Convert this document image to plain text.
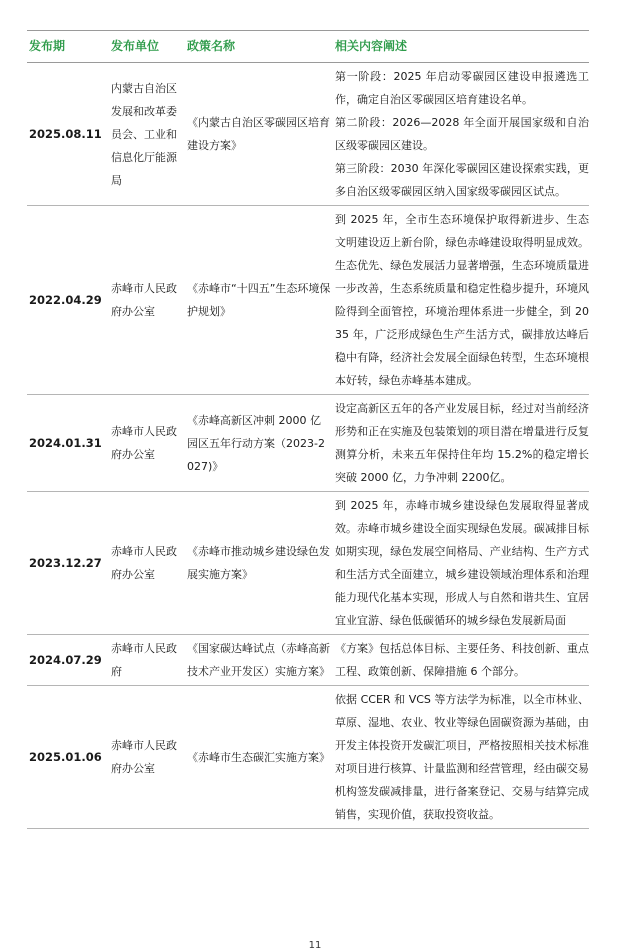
发布期	发布单位	政策名称	相关内容阐述
2025.08.11	内蒙古自治区发展和改革委员会、工业和信息化厅能源局	《内蒙古自治区零碳园区培育建设方案》	第一阶段：2025 年启动零碳园区建设申报遴选工作，确定自治区零碳园区培育建设名单。
第二阶段：2026—2028 年全面开展国家级和自治区级零碳园区建设。
第三阶段：2030 年深化零碳园区建设探索实践，更多自治区级零碳园区纳入国家级零碳园区试点。

2022.04.29	赤峰市人民政府办公室	《赤峰市“十四五”生态环境保护规划》	到 2025 年，全市生态环境保护取得新进步、生态文明建设迈上新台阶，绿色赤峰建设取得明显成效。生态优先、绿色发展活力显著增强，生态环境质量进一步改善，生态系统质量和稳定性稳步提升，环境风险得到全面管控，环境治理体系进一步健全，到 2035 年，广泛形成绿色生产生活方式，碳排放达峰后稳中有降，经济社会发展全面绿色转型，生态环境根本好转，绿色赤峰基本建成。

2024.01.31	赤峰市人民政府办公室	《赤峰高新区冲刺 2000 亿园区五年行动方案（2023-2027)》	设定高新区五年的各产业发展目标，经过对当前经济形势和正在实施及包装策划的项目潜在增量进行反复测算分析，未来五年保持住年均 15.2%的稳定增长突破 2000 亿，力争冲刺 2200亿。

2023.12.27	赤峰市人民政府办公室	《赤峰市推动城乡建设绿色发展实施方案》	到 2025 年，赤峰市城乡建设绿色发展取得显著成效。赤峰市城乡建设全面实现绿色发展。碳减排目标如期实现，绿色发展空间格局、产业结构、生产方式和生活方式全面建立，城乡建设领域治理体系和治理能力现代化基本实现，形成人与自然和谐共生、宜居宜业宜游、绿色低碳循环的城乡绿色发展新局面

2024.07.29	赤峰市人民政府	《国家碳达峰试点（赤峰高新技术产业开发区）实施方案》	《方案》包括总体目标、主要任务、科技创新、重点工程、政策创新、保障措施 6 个部分。

2025.01.06	赤峰市人民政府办公室	《赤峰市生态碳汇实施方案》	依据 CCER 和 VCS 等方法学为标准，以全市林业、草原、湿地、农业、牧业等绿色固碳资源为基础，由开发主体投资开发碳汇项目，严格按照相关技术标准对项目进行核算、计量监测和经营管理，经由碳交易机构签发碳减排量，进行备案登记、交易与结算完成销售，实现价值，获取投资收益。
11
